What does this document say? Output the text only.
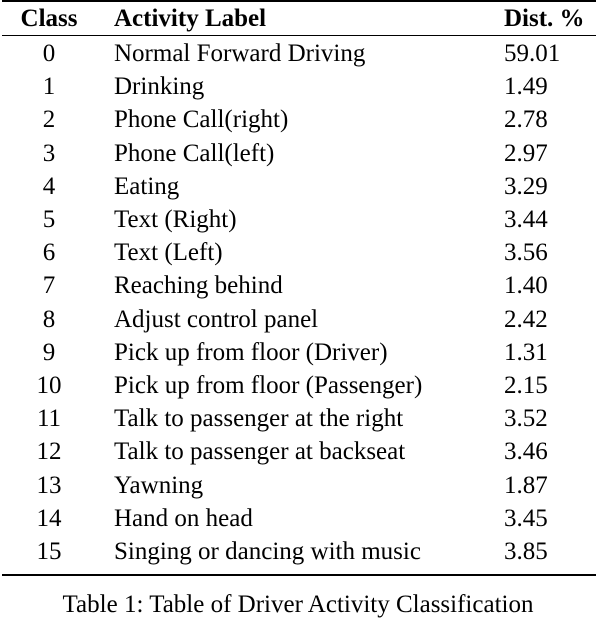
Class	Activity Label	Dist. %
0	Normal Forward Driving	59.01
1	Drinking	1.49
2	Phone Call(right)	2.78
3	Phone Call(left)	2.97
4	Eating	3.29
5	Text (Right)	3.44
6	Text (Left)	3.56
7	Reaching behind	1.40
8	Adjust control panel	2.42
9	Pick up from floor (Driver)	1.31
10	Pick up from floor (Passenger)	2.15
11	Talk to passenger at the right	3.52
12	Talk to passenger at backseat	3.46
13	Yawning	1.87
14	Hand on head	3.45
15	Singing or dancing with music	3.85
Table 1: Table of Driver Activity Classification
